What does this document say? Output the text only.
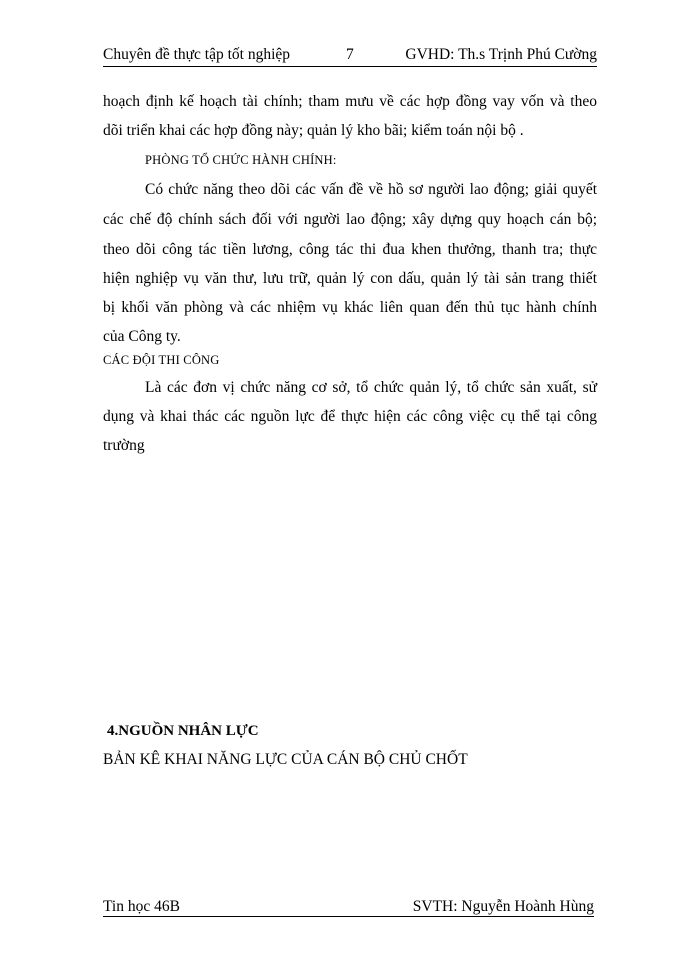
Chuyên đề thực tập tốt nghiệp	7	GVHD: Th.s Trịnh Phú Cường
hoạch định kế hoạch tài chính; tham mưu về các hợp đồng vay vốn và theo
dõi triển khai các hợp đồng này; quản lý kho bãi; kiểm toán nội bộ .
PHÒNG TỔ CHỨC HÀNH CHÍNH:
Có chức năng theo dõi các vấn đề về hồ sơ người lao động; giải quyết
các chế độ chính sách đối với người lao động; xây dựng quy hoạch cán bộ;
theo dõi công tác tiền lương, công tác thi đua khen thưởng, thanh tra; thực
hiện nghiệp vụ văn thư, lưu trữ, quản lý con dấu, quản lý tài sản trang thiết
bị khối văn phòng và các nhiệm vụ khác liên quan đến thủ tục hành chính
của Công ty.
CÁC ĐỘI THI CÔNG
Là các đơn vị chức năng cơ sở, tổ chức quản lý, tổ chức sản xuất, sử
dụng và khai thác các nguồn lực để thực hiện các công việc cụ thể tại công
trường
4.NGUỒN NHÂN LỰC
BẢN KÊ KHAI NĂNG LỰC CỦA CÁN BỘ CHỦ CHỐT
Tin học 46B	SVTH: Nguyễn Hoành Hùng
